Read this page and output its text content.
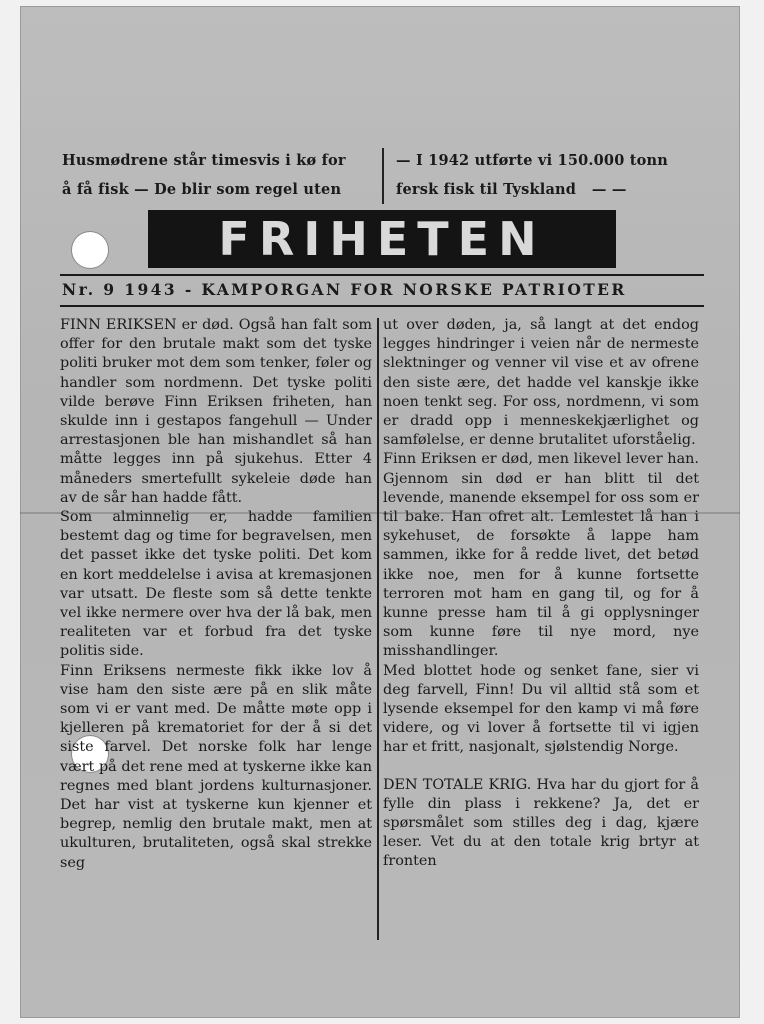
Husmødrene står timesvis i kø for
å få fisk — De blir som regel uten
— I 1942 utførte vi 150.000 tonn
fersk fisk til Tyskland   — —
FRIHETEN
Nr. 9 1943 - KAMPORGAN FOR NORSKE PATRIOTER

FINN ERIKSEN er død. Også han falt som offer for den brutale makt som det tyske politi bruker mot dem som tenker, føler og handler som nordmenn. Det tyske politi vilde berøve Finn Eriksen friheten, han skulde inn i gestapos fangehull — Under arrestasjonen ble han mishandlet så han måtte legges inn på sjukehus. Etter 4 måneders smertefullt sykeleie døde han av de sår han hadde fått.

Som alminnelig er, hadde familien bestemt dag og time for begravelsen, men det passet ikke det tyske politi. Det kom en kort meddelelse i avisa at kremasjonen var utsatt. De fleste som så dette tenkte vel ikke nermere over hva der lå bak, men realiteten var et forbud fra det tyske politis side.

Finn Eriksens nermeste fikk ikke lov å vise ham den siste ære på en slik måte som vi er vant med. De måtte møte opp i kjelleren på krematoriet for der å si det siste farvel. Det norske folk har lenge vært på det rene med at tyskerne ikke kan regnes med blant jordens kulturnasjoner. Det har vist at tyskerne kun kjenner et begrep, nemlig den brutale makt, men at ukulturen, brutaliteten, også skal strekke seg

ut over døden, ja, så langt at det endog legges hindringer i veien når de nermeste slektninger og venner vil vise et av ofrene den siste ære, det hadde vel kanskje ikke noen tenkt seg. For oss, nordmenn, vi som er dradd opp i menneskekjærlighet og samfølelse, er denne brutalitet uforståelig.

Finn Eriksen er død, men likevel lever han. Gjennom sin død er han blitt til det levende, manende eksempel for oss som er til bake. Han ofret alt. Lemlestet lå han i sykehuset, de forsøkte å lappe ham sammen, ikke for å redde livet, det betød ikke noe, men for å kunne fortsette terroren mot ham en gang til, og for å kunne presse ham til å gi opplysninger som kunne føre til nye mord, nye misshandlinger.

Med blottet hode og senket fane, sier vi deg farvell, Finn! Du vil alltid stå som et lysende eksempel for den kamp vi må føre videre, og vi lover å fortsette til vi igjen har et fritt, nasjonalt, sjølstendig Norge.

DEN TOTALE KRIG. Hva har du gjort for å fylle din plass i rekkene? Ja, det er spørsmålet som stilles deg i dag, kjære leser. Vet du at den totale krig brtyr at fronten
